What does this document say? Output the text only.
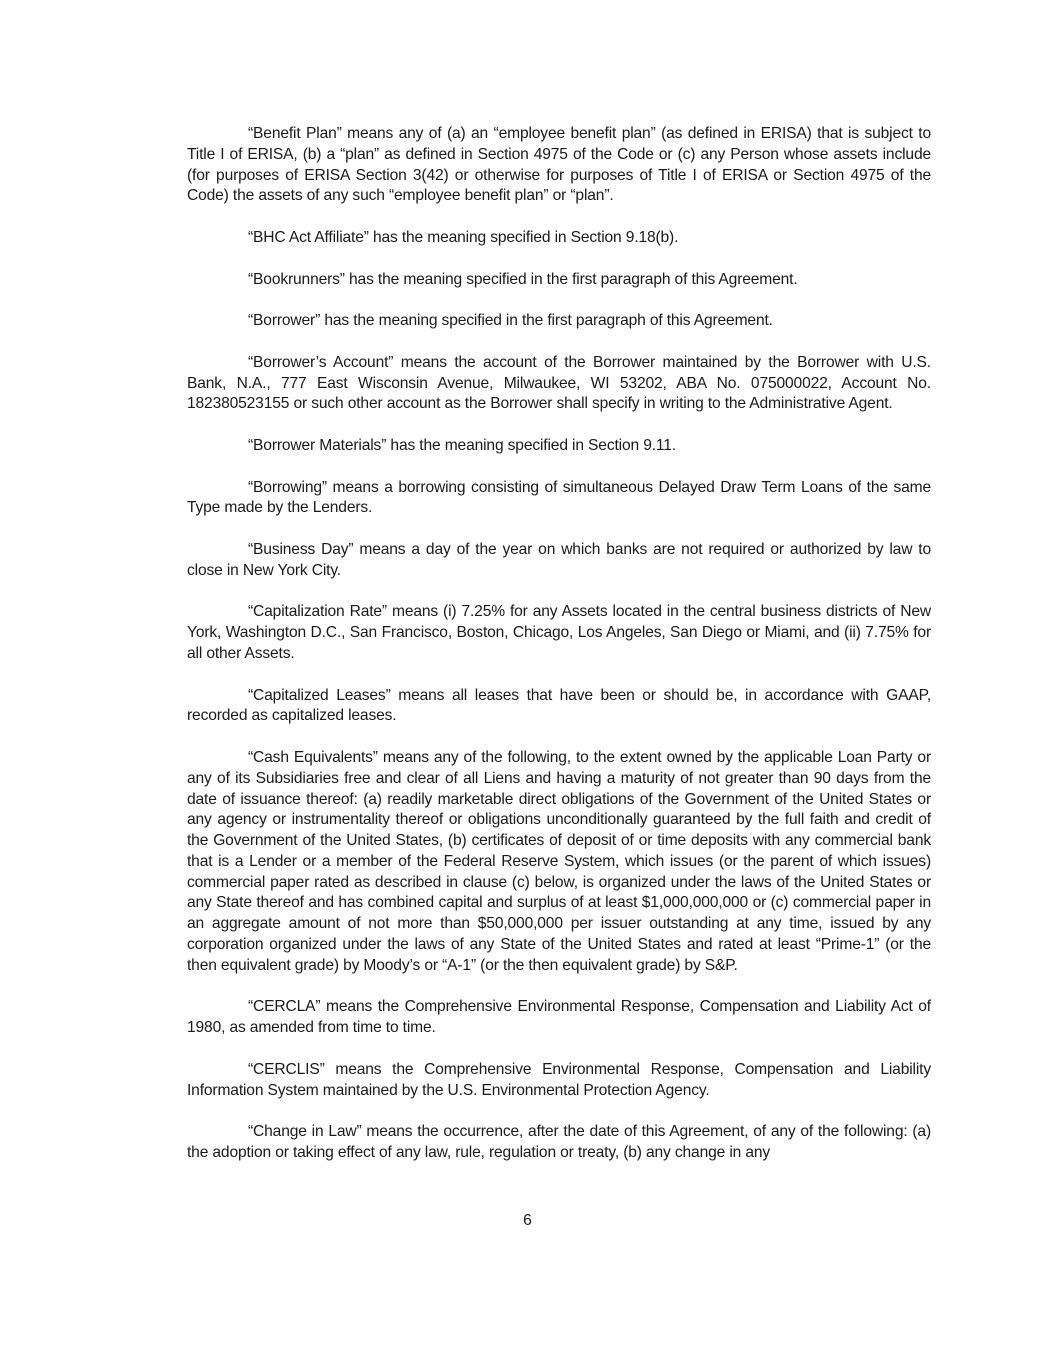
“Benefit Plan” means any of (a) an “employee benefit plan” (as defined in ERISA) that is subject to Title I of ERISA, (b) a “plan” as defined in Section 4975 of the Code or (c) any Person whose assets include (for purposes of ERISA Section 3(42) or otherwise for purposes of Title I of ERISA or Section 4975 of the Code) the assets of any such “employee benefit plan” or “plan”.

“BHC Act Affiliate” has the meaning specified in Section 9.18(b).

“Bookrunners” has the meaning specified in the first paragraph of this Agreement.

“Borrower” has the meaning specified in the first paragraph of this Agreement.

“Borrower’s Account” means the account of the Borrower maintained by the Borrower with U.S. Bank, N.A., 777 East Wisconsin Avenue, Milwaukee, WI 53202, ABA No. 075000022, Account No. 182380523155 or such other account as the Borrower shall specify in writing to the Administrative Agent.

“Borrower Materials” has the meaning specified in Section 9.11.

“Borrowing” means a borrowing consisting of simultaneous Delayed Draw Term Loans of the same Type made by the Lenders.

“Business Day” means a day of the year on which banks are not required or authorized by law to close in New York City.

“Capitalization Rate” means (i) 7.25% for any Assets located in the central business districts of New York, Washington D.C., San Francisco, Boston, Chicago, Los Angeles, San Diego or Miami, and (ii) 7.75% for all other Assets.

“Capitalized Leases” means all leases that have been or should be, in accordance with GAAP, recorded as capitalized leases.

“Cash Equivalents” means any of the following, to the extent owned by the applicable Loan Party or any of its Subsidiaries free and clear of all Liens and having a maturity of not greater than 90 days from the date of issuance thereof: (a) readily marketable direct obligations of the Government of the United States or any agency or instrumentality thereof or obligations unconditionally guaranteed by the full faith and credit of the Government of the United States, (b) certificates of deposit of or time deposits with any commercial bank that is a Lender or a member of the Federal Reserve System, which issues (or the parent of which issues) commercial paper rated as described in clause (c) below, is organized under the laws of the United States or any State thereof and has combined capital and surplus of at least $1,000,000,000 or (c) commercial paper in an aggregate amount of not more than $50,000,000 per issuer outstanding at any time, issued by any corporation organized under the laws of any State of the United States and rated at least “Prime-1” (or the then equivalent grade) by Moody’s or “A-1” (or the then equivalent grade) by S&P.

“CERCLA” means the Comprehensive Environmental Response, Compensation and Liability Act of 1980, as amended from time to time.

“CERCLIS” means the Comprehensive Environmental Response, Compensation and Liability Information System maintained by the U.S. Environmental Protection Agency.

“Change in Law” means the occurrence, after the date of this Agreement, of any of the following: (a) the adoption or taking effect of any law, rule, regulation or treaty, (b) any change in any

6
